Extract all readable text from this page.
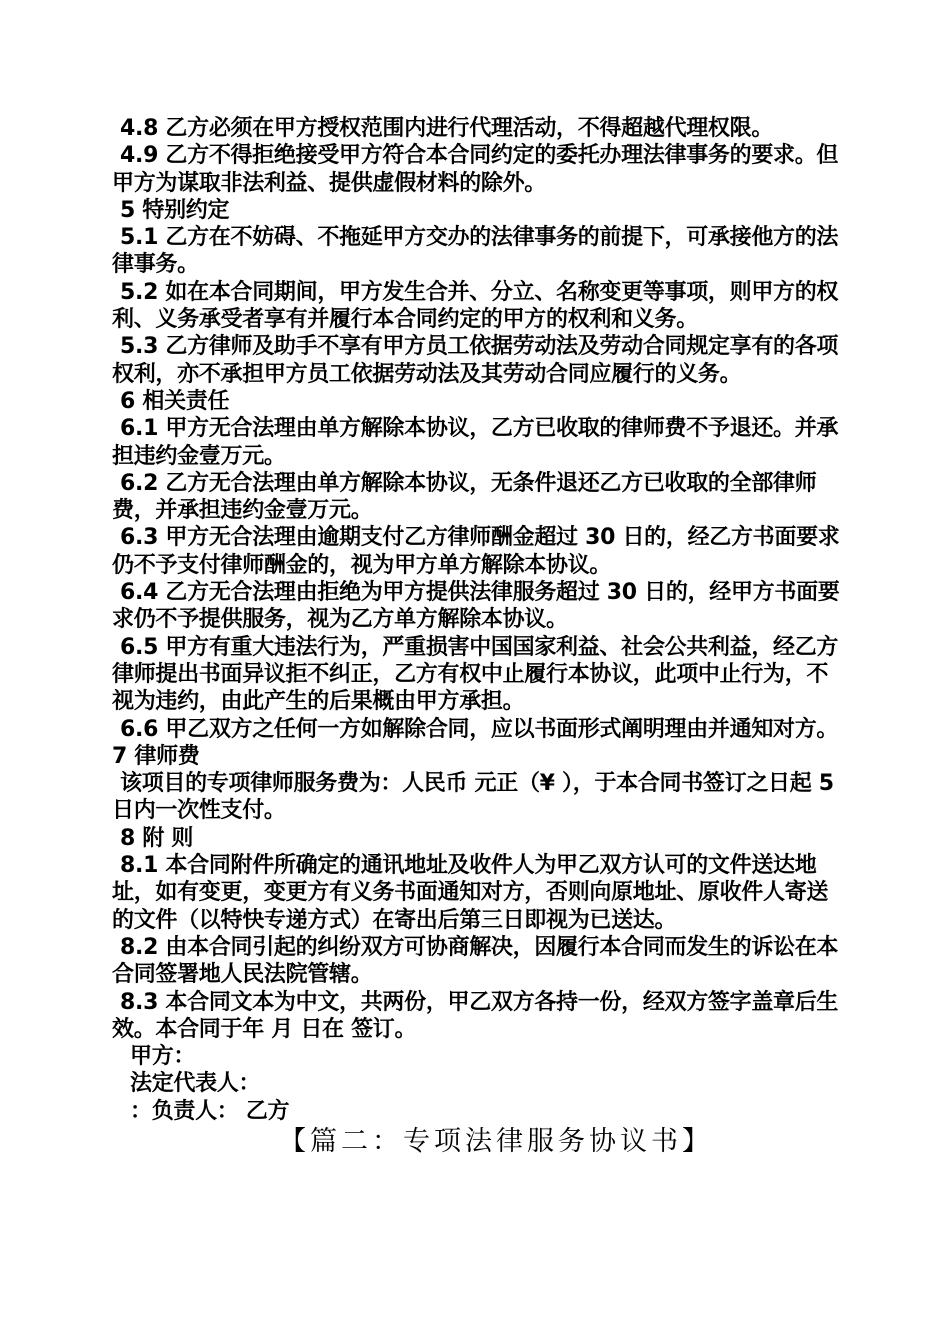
4.8 乙方必须在甲方授权范围内进行代理活动，不得超越代理权限。

4.9 乙方不得拒绝接受甲方符合本合同约定的委托办理法律事务的要求。但甲方为谋取非法利益、提供虚假材料的除外。

5 特别约定

5.1 乙方在不妨碍、不拖延甲方交办的法律事务的前提下，可承接他方的法律事务。

5.2 如在本合同期间，甲方发生合并、分立、名称变更等事项，则甲方的权利、义务承受者享有并履行本合同约定的甲方的权利和义务。

5.3 乙方律师及助手不享有甲方员工依据劳动法及劳动合同规定享有的各项权利，亦不承担甲方员工依据劳动法及其劳动合同应履行的义务。

6 相关责任

6.1 甲方无合法理由单方解除本协议，乙方已收取的律师费不予退还。并承担违约金壹万元。

6.2 乙方无合法理由单方解除本协议，无条件退还乙方已收取的全部律师费，并承担违约金壹万元。

6.3 甲方无合法理由逾期支付乙方律师酬金超过 30 日的，经乙方书面要求仍不予支付律师酬金的，视为甲方单方解除本协议。

6.4 乙方无合法理由拒绝为甲方提供法律服务超过 30 日的，经甲方书面要求仍不予提供服务，视为乙方单方解除本协议。

6.5 甲方有重大违法行为，严重损害中国国家利益、社会公共利益，经乙方律师提出书面异议拒不纠正，乙方有权中止履行本协议，此项中止行为，不视为违约，由此产生的后果概由甲方承担。

6.6 甲乙双方之任何一方如解除合同，应以书面形式阐明理由并通知对方。 7 律师费

该项目的专项律师服务费为：人民币 元正（¥ ），于本合同书签订之日起 5 日内一次性支付。

8 附 则

8.1 本合同附件所确定的通讯地址及收件人为甲乙双方认可的文件送达地址，如有变更，变更方有义务书面通知对方，否则向原地址、原收件人寄送的文件（以特快专递方式）在寄出后第三日即视为已送达。

8.2 由本合同引起的纠纷双方可协商解决，因履行本合同而发生的诉讼在本合同签署地人民法院管辖。

8.3 本合同文本为中文，共两份，甲乙双方各持一份，经双方签字盖章后生效。本合同于年 月 日在 签订。

甲方：

法定代表人：

：负责人： 乙方

【篇二：专项法律服务协议书】
